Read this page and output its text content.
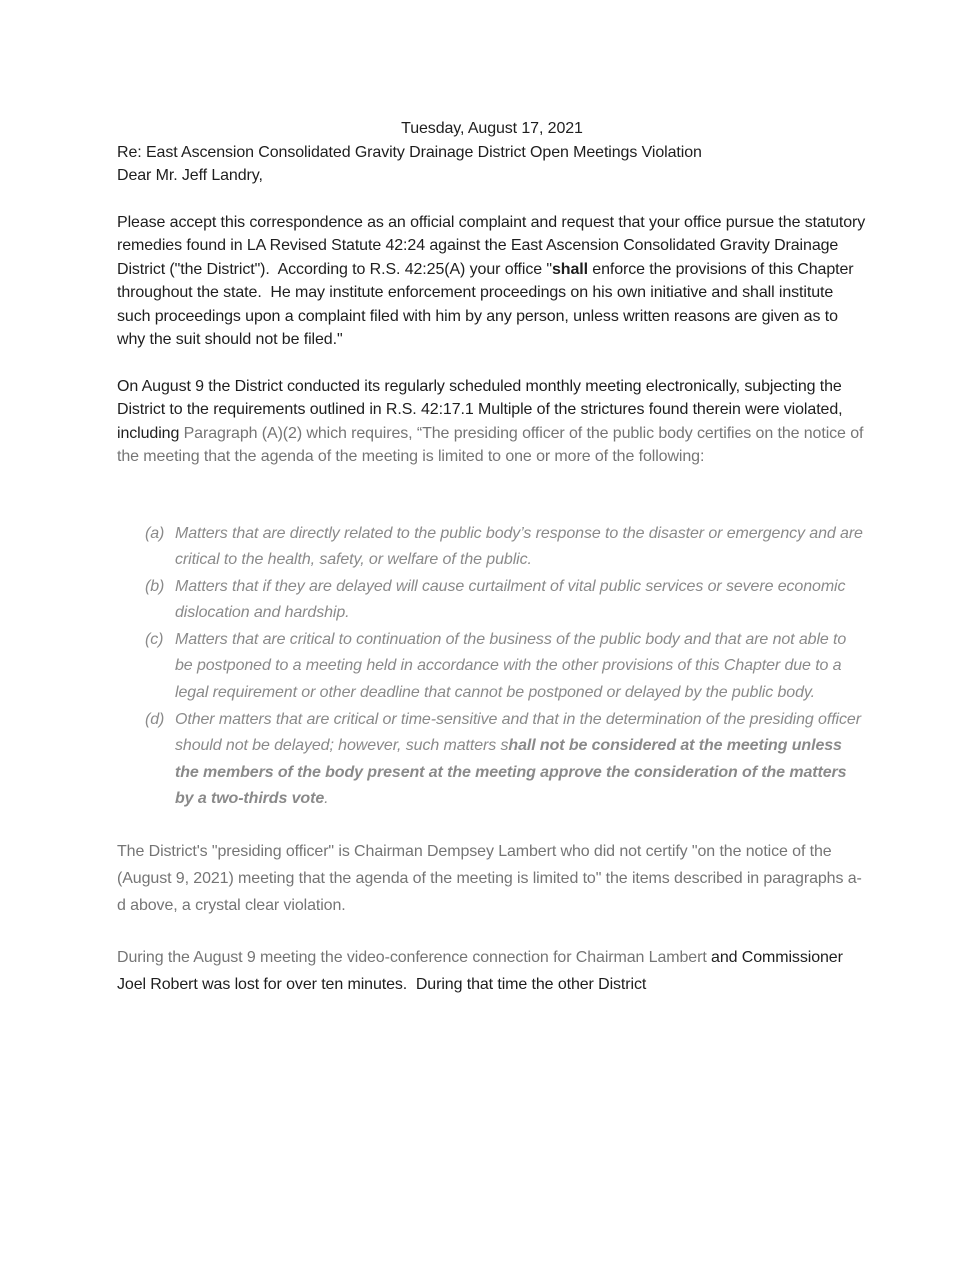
Tuesday, August 17, 2021
Re: East Ascension Consolidated Gravity Drainage District Open Meetings Violation
Dear Mr. Jeff Landry,

Please accept this correspondence as an official complaint and request that your office pursue the statutory remedies found in LA Revised Statute 42:24 against the East Ascension Consolidated Gravity Drainage District ("the District").  According to R.S. 42:25(A) your office "shall enforce the provisions of this Chapter throughout the state.  He may institute enforcement proceedings on his own initiative and shall institute such proceedings upon a complaint filed with him by any person, unless written reasons are given as to why the suit should not be filed."

On August 9 the District conducted its regularly scheduled monthly meeting electronically, subjecting the District to the requirements outlined in R.S. 42:17.1 Multiple of the strictures found therein were violated, including Paragraph (A)(2) which requires, “The presiding officer of the public body certifies on the notice of the meeting that the agenda of the meeting is limited to one or more of the following:

(a) Matters that are directly related to the public body’s response to the disaster or emergency and are critical to the health, safety, or welfare of the public.
(b) Matters that if they are delayed will cause curtailment of vital public services or severe economic dislocation and hardship.
(c) Matters that are critical to continuation of the business of the public body and that are not able to be postponed to a meeting held in accordance with the other provisions of this Chapter due to a legal requirement or other deadline that cannot be postponed or delayed by the public body.
(d) Other matters that are critical or time-sensitive and that in the determination of the presiding officer should not be delayed; however, such matters shall not be considered at the meeting unless the members of the body present at the meeting approve the consideration of the matters by a two-thirds vote.

The District's "presiding officer" is Chairman Dempsey Lambert who did not certify "on the notice of the (August 9, 2021) meeting that the agenda of the meeting is limited to" the items described in paragraphs a-d above, a crystal clear violation.

During the August 9 meeting the video-conference connection for Chairman Lambert and Commissioner Joel Robert was lost for over ten minutes.  During that time the other District
